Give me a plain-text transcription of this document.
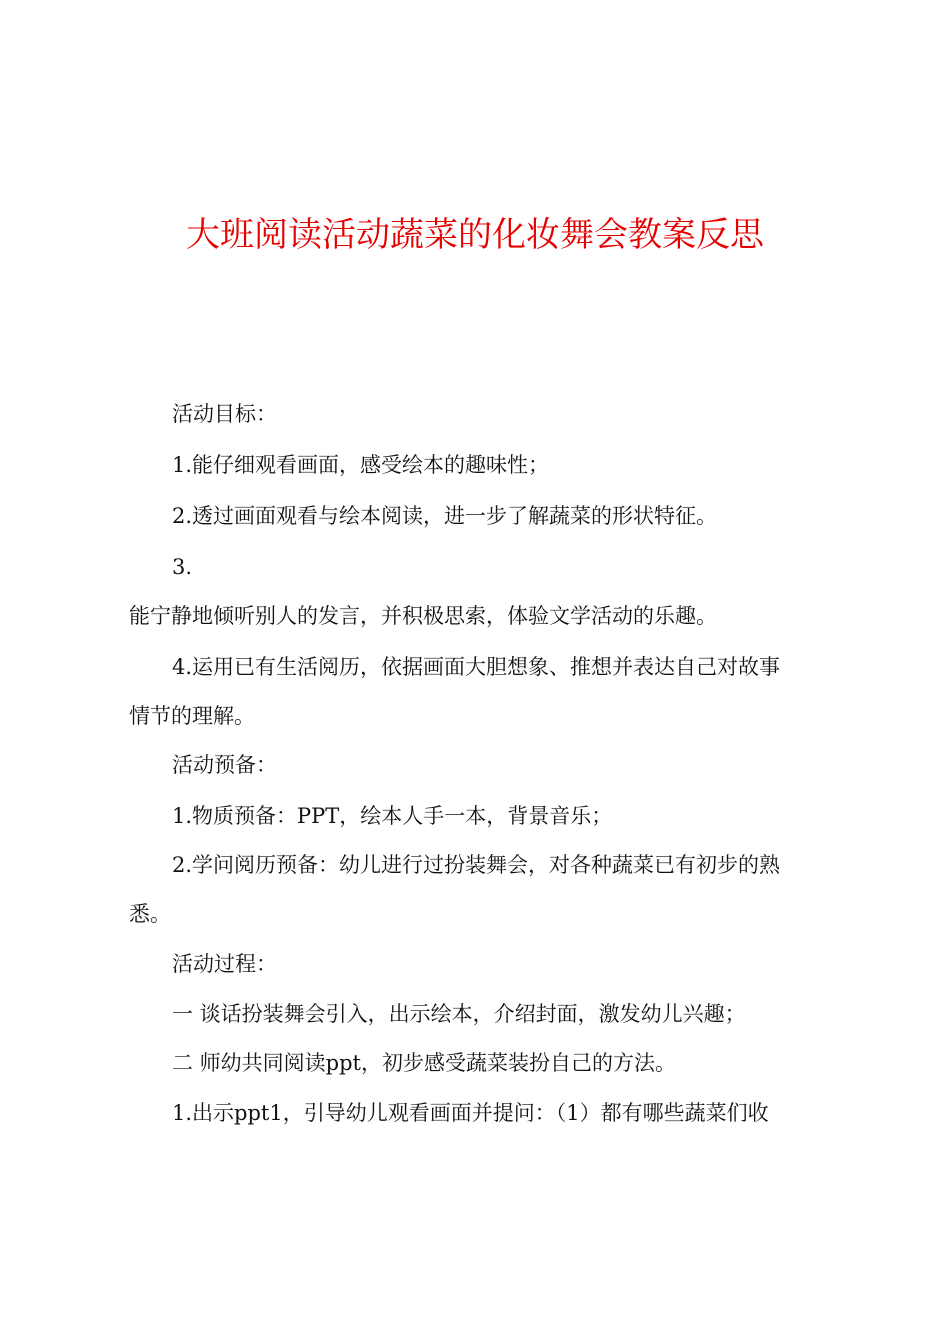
大班阅读活动蔬菜的化妆舞会教案反思

活动目标：

1.能仔细观看画面，感受绘本的趣味性；

2.透过画面观看与绘本阅读，进一步了解蔬菜的形状特征。

3.

能宁静地倾听别人的发言，并积极思索，体验文学活动的乐趣。

4.运用已有生活阅历，依据画面大胆想象、推想并表达自己对故事

情节的理解。

活动预备：

1.物质预备：PPT，绘本人手一本，背景音乐；

2.学问阅历预备：幼儿进行过扮装舞会，对各种蔬菜已有初步的熟

悉。

活动过程：

一 谈话扮装舞会引入，出示绘本，介绍封面，激发幼儿兴趣；

二 师幼共同阅读ppt，初步感受蔬菜装扮自己的方法。

1.出示ppt1，引导幼儿观看画面并提问：（1）都有哪些蔬菜们收
